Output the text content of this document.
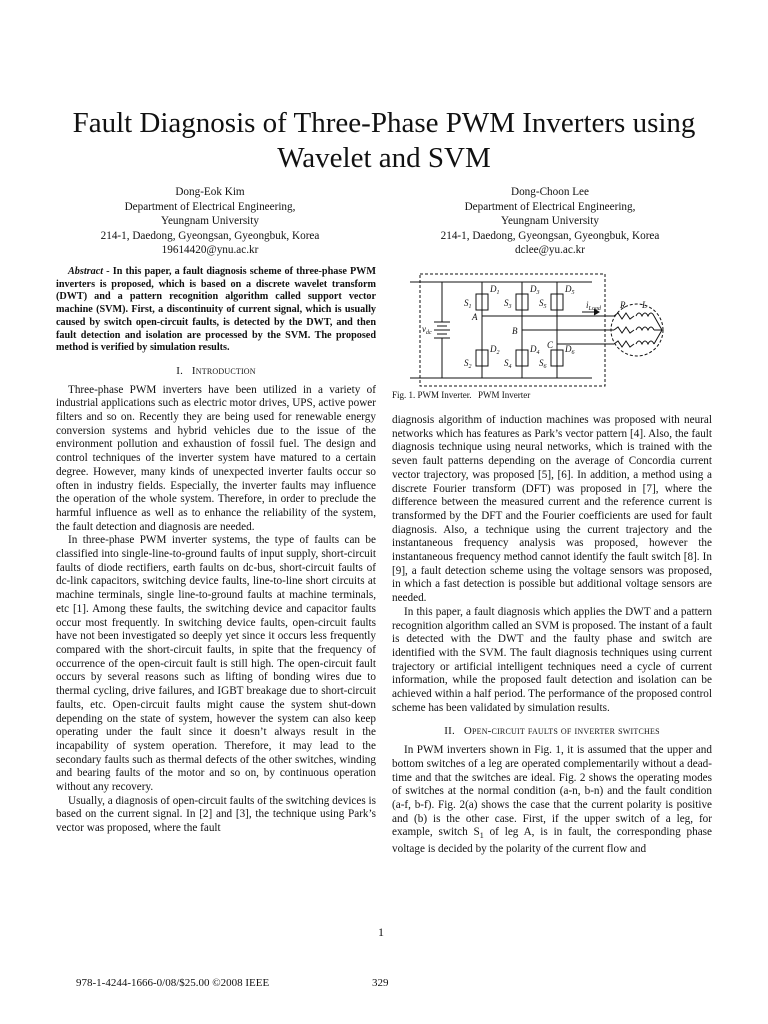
Fault Diagnosis of Three-Phase PWM Inverters using Wavelet and SVM
Dong-Eok Kim
Department of Electrical Engineering,
Yeungnam University
214-1, Daedong, Gyeongsan, Gyeongbuk, Korea
19614420@ynu.ac.kr
Dong-Choon Lee
Department of Electrical Engineering,
Yeungnam University
214-1, Daedong, Gyeongsan, Gyeongbuk, Korea
dclee@yu.ac.kr

Abstract - In this paper, a fault diagnosis scheme of three-phase PWM inverters is proposed, which is based on a discrete wavelet transform (DWT) and a pattern recognition algorithm called support vector machine (SVM). First, a discontinuity of current signal, which is usually caused by switch open-circuit faults, is detected by the DWT, and then fault detection and isolation are processed by the SVM. The proposed method is verified by simulation results.

I. Introduction

Three-phase PWM inverters have been utilized in a variety of industrial applications such as electric motor drives, UPS, active power filters and so on. Recently they are being used for renewable energy conversion systems and hybrid vehicles due to the issue of the environment pollution and exhaustion of fossil fuel. The design and control techniques of the inverter system have matured to a certain degree. However, many kinds of unexpected inverter faults occur so often in industry fields. Especially, the inverter faults may influence the operation of the whole system. Therefore, in order to preclude the harmful influence as well as to enhance the reliability of the system, the fault detection and diagnosis are needed.

In three-phase PWM inverter systems, the type of faults can be classified into single-line-to-ground faults of input supply, short-circuit faults of diode rectifiers, earth faults on dc-bus, short-circuit faults of dc-link capacitors, switching device faults, line-to-line short circuits at machine terminals, single line-to-ground faults at machine terminals, etc [1]. Among these faults, the switching device and capacitor faults occur most frequently. In switching device faults, open-circuit faults have not been investigated so deeply yet since it occurs less frequently compared with the short-circuit faults, in spite that the frequency of occurrence of the open-circuit fault is still high. The open-circuit fault occurs by several reasons such as lifting of bonding wires due to thermal cycling, drive failures, and IGBT breakage due to short-circuit faults, etc. Open-circuit faults might cause the system shut-down depending on the state of system, however the system can also keep operating under the fault since it doesn’t always result in the incapability of system operation. Therefore, it may lead to the secondary faults such as thermal defects of the other switches, winding and bearing faults of the motor and so on, by continuous operation without any recovery.

Usually, a diagnosis of open-circuit faults of the switching devices is based on the current signal. In [2] and [3], the technique using Park’s vector was proposed, where the fault

$S_1$	$S_3$	$S_5$
$S_2$	$S_4$	$S_6$
$D_1$	$D_3$	$D_5$
$D_2$	$D_4$	$D_6$
A
B
C
$v_{dc}$
$i_{Load}$ R L
PWM Inverter
Fig. 1. PWM Inverter.

diagnosis algorithm of induction machines was proposed with neural networks which has features as Park’s vector pattern [4]. Also, the fault diagnosis technique using neural networks, which is trained with the seven fault patterns depending on the average of Concordia current vector trajectory, was proposed [5], [6]. In addition, a method using a discrete Fourier transform (DFT) was proposed in [7], where the difference between the measured current and the reference current is transformed by the DFT and the Fourier coefficients are used for fault diagnosis. Also, a technique using the current trajectory and the instantaneous frequency analysis was proposed, however the instantaneous frequency method cannot identify the fault switch [8]. In [9], a fault detection scheme using the voltage sensors was proposed, in which a fast detection is possible but additional voltage sensors are needed.

In this paper, a fault diagnosis which applies the DWT and a pattern recognition algorithm called an SVM is proposed. The instant of a fault is detected with the DWT and the faulty phase and switch are identified with the SVM. The fault diagnosis techniques using current trajectory or artificial intelligent techniques need a cycle of current information, while the proposed fault detection and isolation can be achieved within a half period. The performance of the proposed control scheme has been validated by simulation results.

II. Open-circuit faults of inverter switches

In PWM inverters shown in Fig. 1, it is assumed that the upper and bottom switches of a leg are operated complementarily without a dead-time and that the switches are ideal. Fig. 2 shows the operating modes of switches at the normal condition (a-n, b-n) and the fault condition (a-f, b-f). Fig. 2(a) shows the case that the current polarity is positive and (b) is the other case. First, if the upper switch of a leg, for example, switch $S_1$ of leg A, is in fault, the corresponding phase voltage is decided by the polarity of the current flow and

1
978-1-4244-1666-0/08/$25.00 ©2008 IEEE	329
